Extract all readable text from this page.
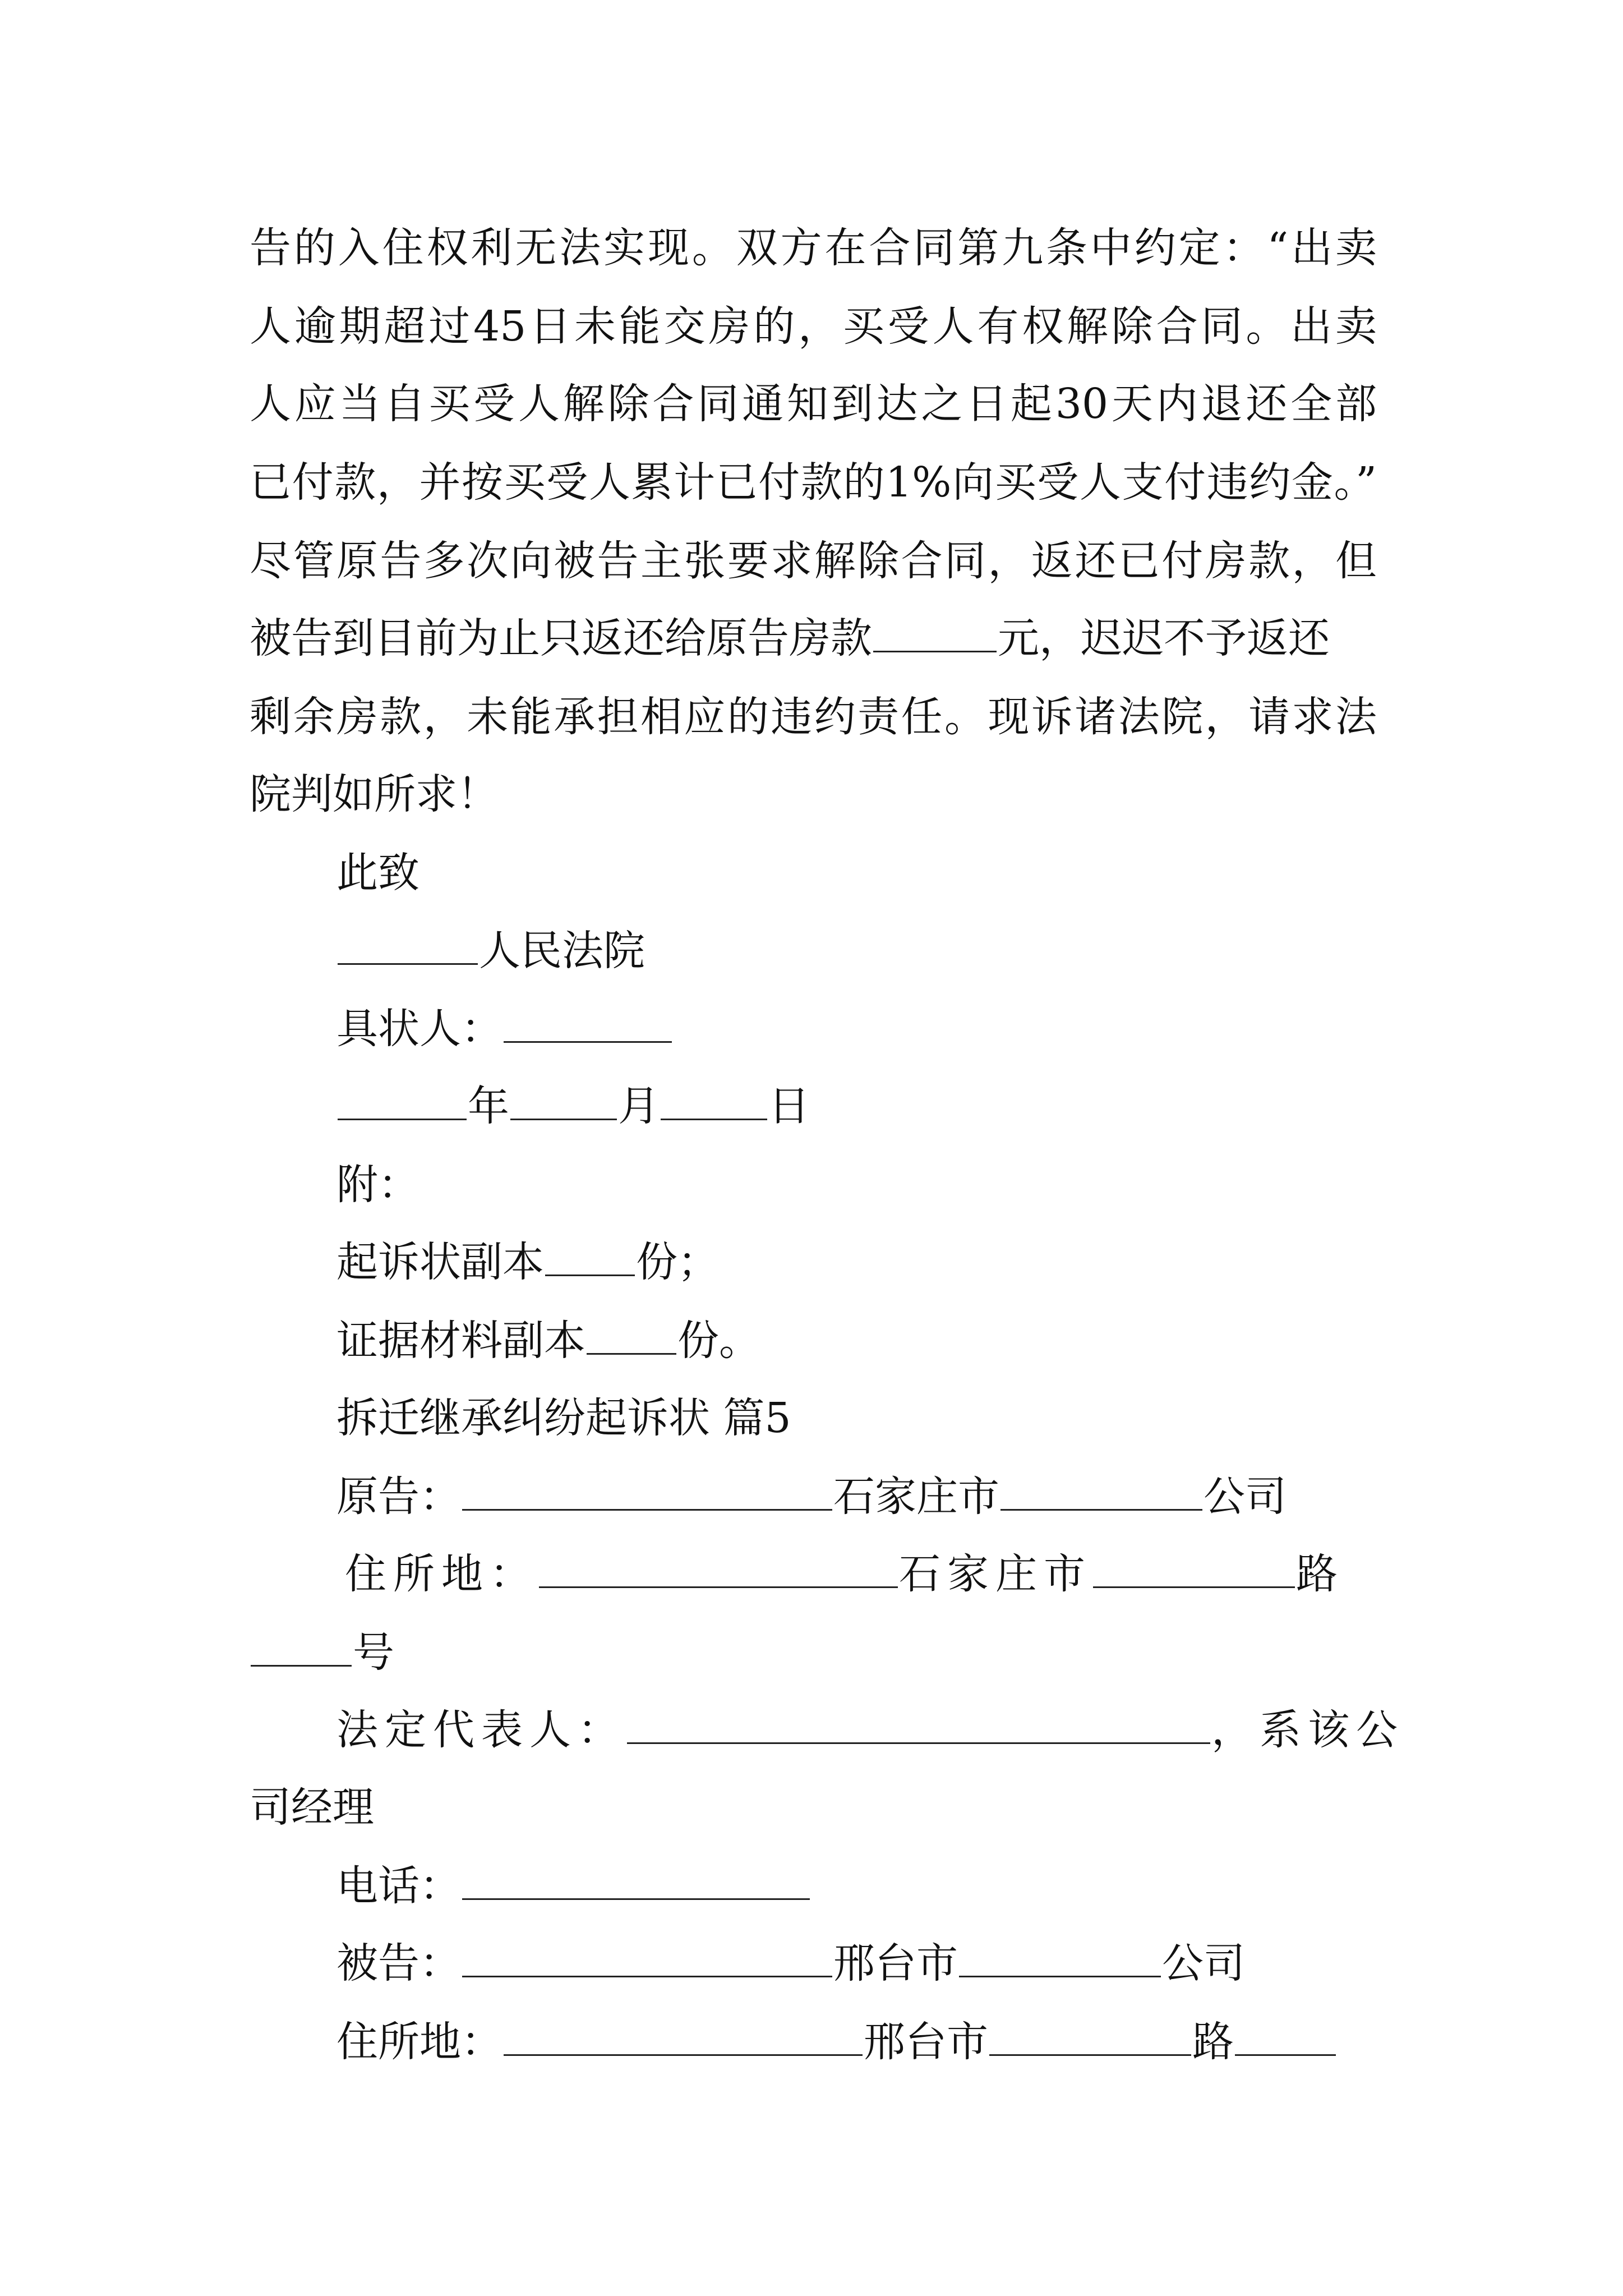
告的入住权利无法实现。双方在合同第九条中约定：“出卖
人逾期超过45日未能交房的，买受人有权解除合同。出卖
人应当自买受人解除合同通知到达之日起30天内退还全部
已付款，并按买受人累计已付款的1%向买受人支付违约金。”
尽管原告多次向被告主张要求解除合同，返还已付房款，但
被告到目前为止只返还给原告房款	元，迟迟不予返还
剩余房款，未能承担相应的违约责任。现诉诸法院，请求法
院判如所求！
此致
人民法院
具状人：
年	月	日
附：
起诉状副本 份；
证据材料副本 份。
拆迁继承纠纷起诉状 篇5
原告：	石家庄市	公司
住所地：	石家庄市	路
号
法定代表人：	，系该公
司经理
电话：
被告：	邢台市	公司
住所地：	邢台市	路
